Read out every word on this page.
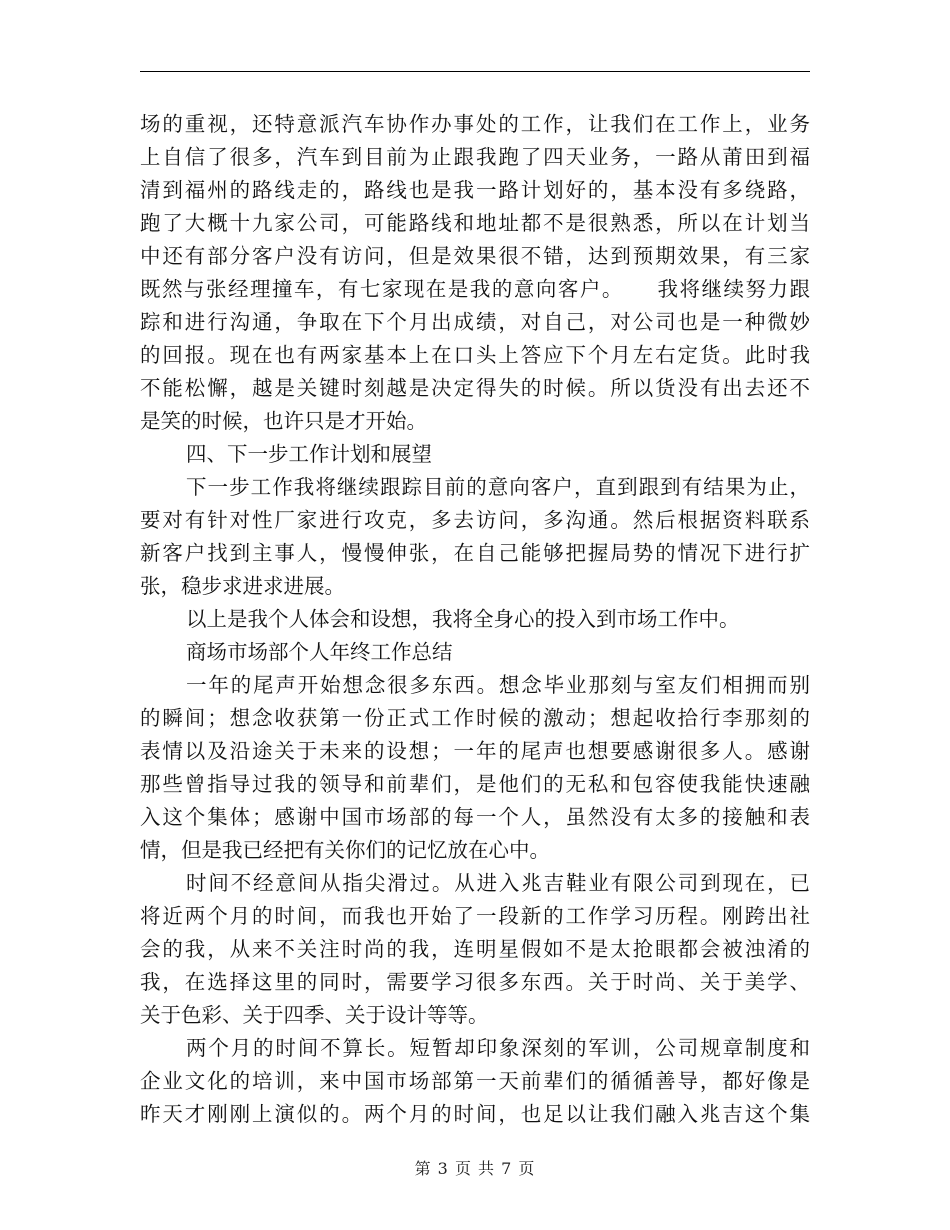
场的重视，还特意派汽车协作办事处的工作，让我们在工作上，业务
上自信了很多，汽车到目前为止跟我跑了四天业务，一路从莆田到福
清到福州的路线走的，路线也是我一路计划好的，基本没有多绕路，
跑了大概十九家公司，可能路线和地址都不是很熟悉，所以在计划当
中还有部分客户没有访问，但是效果很不错，达到预期效果，有三家
既然与张经理撞车，有七家现在是我的意向客户。　　我将继续努力跟
踪和进行沟通，争取在下个月出成绩，对自己，对公司也是一种微妙
的回报。现在也有两家基本上在口头上答应下个月左右定货。此时我
不能松懈，越是关键时刻越是决定得失的时候。所以货没有出去还不
是笑的时候，也许只是才开始。
四、下一步工作计划和展望
下一步工作我将继续跟踪目前的意向客户，直到跟到有结果为止，
要对有针对性厂家进行攻克，多去访问，多沟通。然后根据资料联系
新客户找到主事人，慢慢伸张，在自己能够把握局势的情况下进行扩
张，稳步求进求进展。
以上是我个人体会和设想，我将全身心的投入到市场工作中。
商场市场部个人年终工作总结
一年的尾声开始想念很多东西。想念毕业那刻与室友们相拥而别
的瞬间；想念收获第一份正式工作时候的激动；想起收拾行李那刻的
表情以及沿途关于未来的设想；一年的尾声也想要感谢很多人。感谢
那些曾指导过我的领导和前辈们，是他们的无私和包容使我能快速融
入这个集体；感谢中国市场部的每一个人，虽然没有太多的接触和表
情，但是我已经把有关你们的记忆放在心中。
时间不经意间从指尖滑过。从进入兆吉鞋业有限公司到现在，已
将近两个月的时间，而我也开始了一段新的工作学习历程。刚跨出社
会的我，从来不关注时尚的我，连明星假如不是太抢眼都会被浊淆的
我，在选择这里的同时，需要学习很多东西。关于时尚、关于美学、
关于色彩、关于四季、关于设计等等。
两个月的时间不算长。短暂却印象深刻的军训，公司规章制度和
企业文化的培训，来中国市场部第一天前辈们的循循善导，都好像是
昨天才刚刚上演似的。两个月的时间，也足以让我们融入兆吉这个集
第 3 页 共 7 页
